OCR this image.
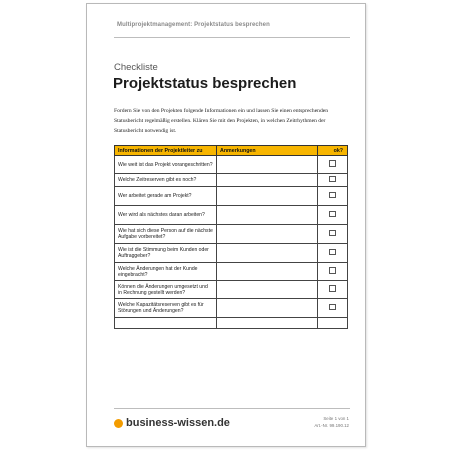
Multiprojektmanagement: Projektstatus besprechen
Checkliste
Projektstatus besprechen
Fordern Sie von den Projekten folgende Informationen ein und lassen Sie einen entsprechenden Statusbericht regelmäßig erstellen. Klären Sie mit den Projekten, in welchen Zeitrhythmen der Statusbericht notwendig ist.
Informationen der Projektleiter zu	Anmerkungen	ok?
Wie weit ist das Projekt vorangeschritten?		
Welche Zeitreserven gibt es noch?		
Wer arbeitet gerade am Projekt?		
Wer wird als nächstes daran arbeiten?		
Wie hat sich diese Person auf die nächste Aufgabe vorbereitet?		
Wie ist die Stimmung beim Kunden oder Auftraggeber?		
Welche Änderungen hat der Kunde eingebracht?		
Können die Änderungen umgesetzt und in Rechnung gestellt werden?		
Welche Kapazitätsreserven gibt es für Störungen und Änderungen?		

business-wissen.de	Seite 1 von 1
Art.-Nr. 99.190.12
